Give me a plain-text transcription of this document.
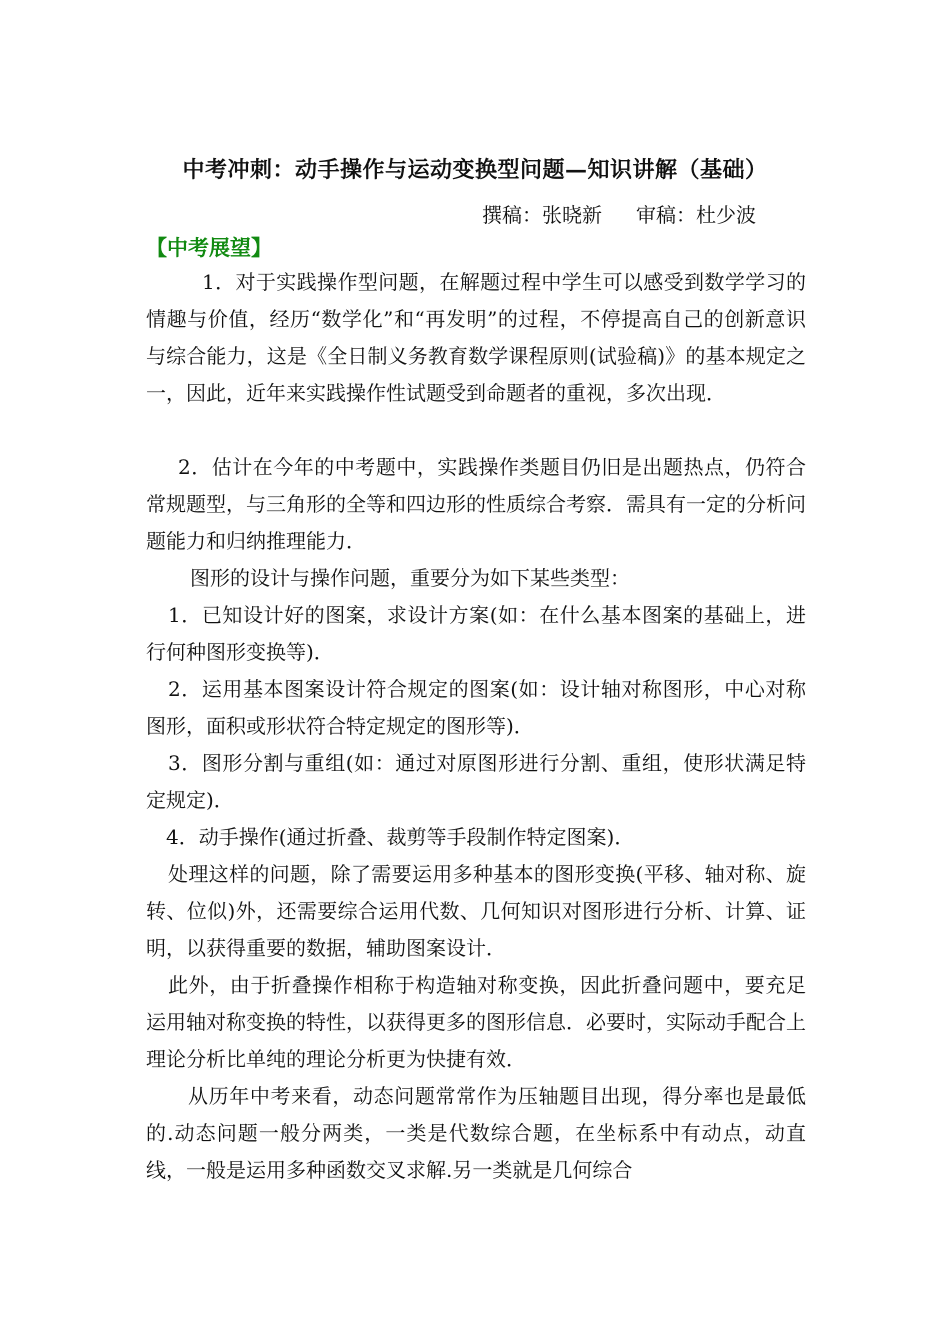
中考冲刺：动手操作与运动变换型问题—知识讲解（基础）
撰稿：张晓新 审稿：杜少波
【中考展望】

1．对于实践操作型问题，在解题过程中学生可以感受到数学学习的情趣与价值，经历“数学化”和“再发明”的过程，不停提高自己的创新意识与综合能力，这是《全日制义务教育数学课程原则(试验稿)》的基本规定之一，因此，近年来实践操作性试题受到命题者的重视，多次出现．

2．估计在今年的中考题中，实践操作类题目仍旧是出题热点，仍符合常规题型，与三角形的全等和四边形的性质综合考察．需具有一定的分析问题能力和归纳推理能力．

图形的设计与操作问题，重要分为如下某些类型：

1．已知设计好的图案，求设计方案(如：在什么基本图案的基础上，进行何种图形变换等)．

2．运用基本图案设计符合规定的图案(如：设计轴对称图形，中心对称图形，面积或形状符合特定规定的图形等)．

3．图形分割与重组(如：通过对原图形进行分割、重组，使形状满足特定规定)．

4．动手操作(通过折叠、裁剪等手段制作特定图案)．

处理这样的问题，除了需要运用多种基本的图形变换(平移、轴对称、旋转、位似)外，还需要综合运用代数、几何知识对图形进行分析、计算、证明，以获得重要的数据，辅助图案设计．

此外，由于折叠操作相称于构造轴对称变换，因此折叠问题中，要充足运用轴对称变换的特性，以获得更多的图形信息．必要时，实际动手配合上理论分析比单纯的理论分析更为快捷有效．

从历年中考来看，动态问题常常作为压轴题目出现，得分率也是最低的.动态问题一般分两类，一类是代数综合题，在坐标系中有动点，动直线，一般是运用多种函数交叉求解.另一类就是几何综合
